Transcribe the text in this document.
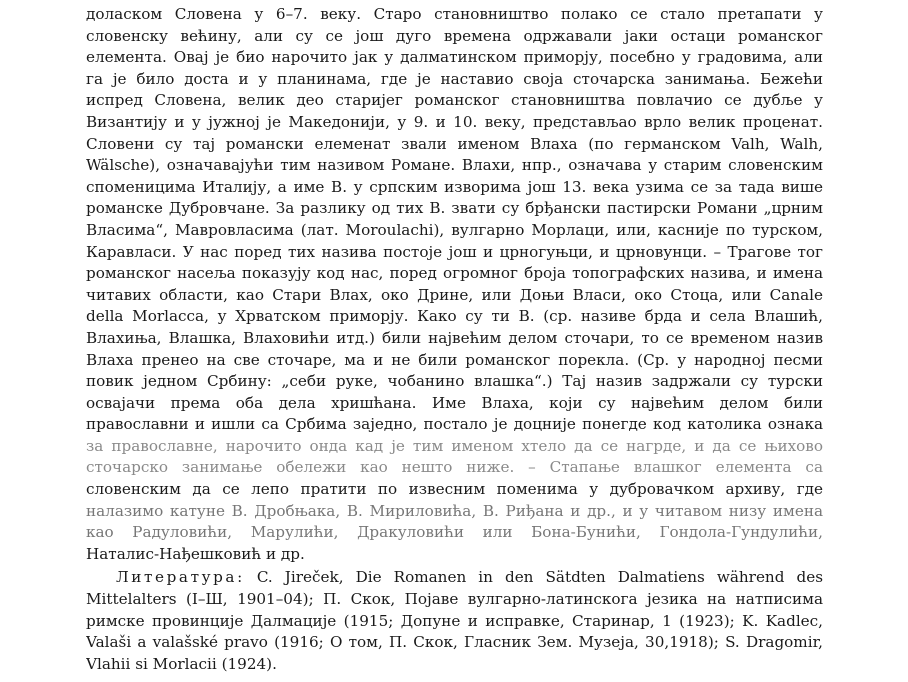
доласком Словена у 6–7. веку. Старо становништво полако се стало претапати у
словенску већину, али су се још дуго времена одржавали јаки остаци романског
елемента. Овај је био нарочито јак у далматинском приморју, посебно у градовима, али
га је било доста и у планинама, где је наставио своја сточарска занимања. Бежећи
испред Словена, велик део старијег романског становништва повлачио се дубље у
Византију и у јужној је Македонији, у 9. и 10. веку, представљао врло велик проценат.
Словени су тај романски елеменат звали именом Влаха (по германском Valh, Walh,
Wälsche), означавајући тим називом Романе. Влахи, нпр., означава у старим словенским
споменицима Италију, а име В. у српским изворима још 13. века узима се за тада више
романске Дубровчане. За разлику од тих В. звати су брђански пастирски Романи „црним
Власима“, Мавровласима (лат. Moroulachi), вулгарно Морлаци, или, касније по турском,
Каравласи. У нас поред тих назива постоје још и црногуњци, и црновунци. – Трагове тог
романског насеља показују код нас, поред огромног броја топографских назива, и имена
читавих области, као Стари Влах, око Дрине, или Доњи Власи, око Стоца, или Canale
della Morlacca, у Хрватском приморју. Како су ти В. (ср. називе брда и села Влашић,
Влахиња, Влашка, Влаховићи итд.) били највећим делом сточари, то се временом назив
Влаха пренео на све сточаре, ма и не били романског порекла. (Ср. у народној песми
повик једном Србину: „себи руке, чобанино влашка“.) Тај назив задржали су турски
освајачи према оба дела хришћана. Име Влаха, који су највећим делом били
православни и ишли са Србима заједно, постало је доцније понегде код католика ознака
за православне, нарочито онда кад је тим именом хтело да се нагрде, и да се њихово
сточарско занимање обележи као нешто ниже. – Стапање влашког елемента са
словенским да се лепо пратити по извесним поменима у дубровачком архиву, где
налазимо катуне В. Дробњака, В. Мириловића, В. Риђана и др., и у читавом низу имена
као Радуловићи, Марулићи, Дракуловићи или Бона-Бунићи, Гондола-Гундулићи,
Наталис-Нађешковић и др.
Литература: C. Jireček, Die Romanen in den Sätdten Dalmatiens während des
Mittelalters (I–Ш, 1901–04); П. Скок, Појаве вулгарно-латинскога језика на натписима
римске провинције Далмације (1915; Допуне и исправке, Старинар, 1 (1923); K. Kadlec,
Valaši a valašské pravo (1916; О том, П. Скок, Гласник Зем. Музеја, 30,1918); S. Dragomir,
Vlahii si Morlacii (1924).
